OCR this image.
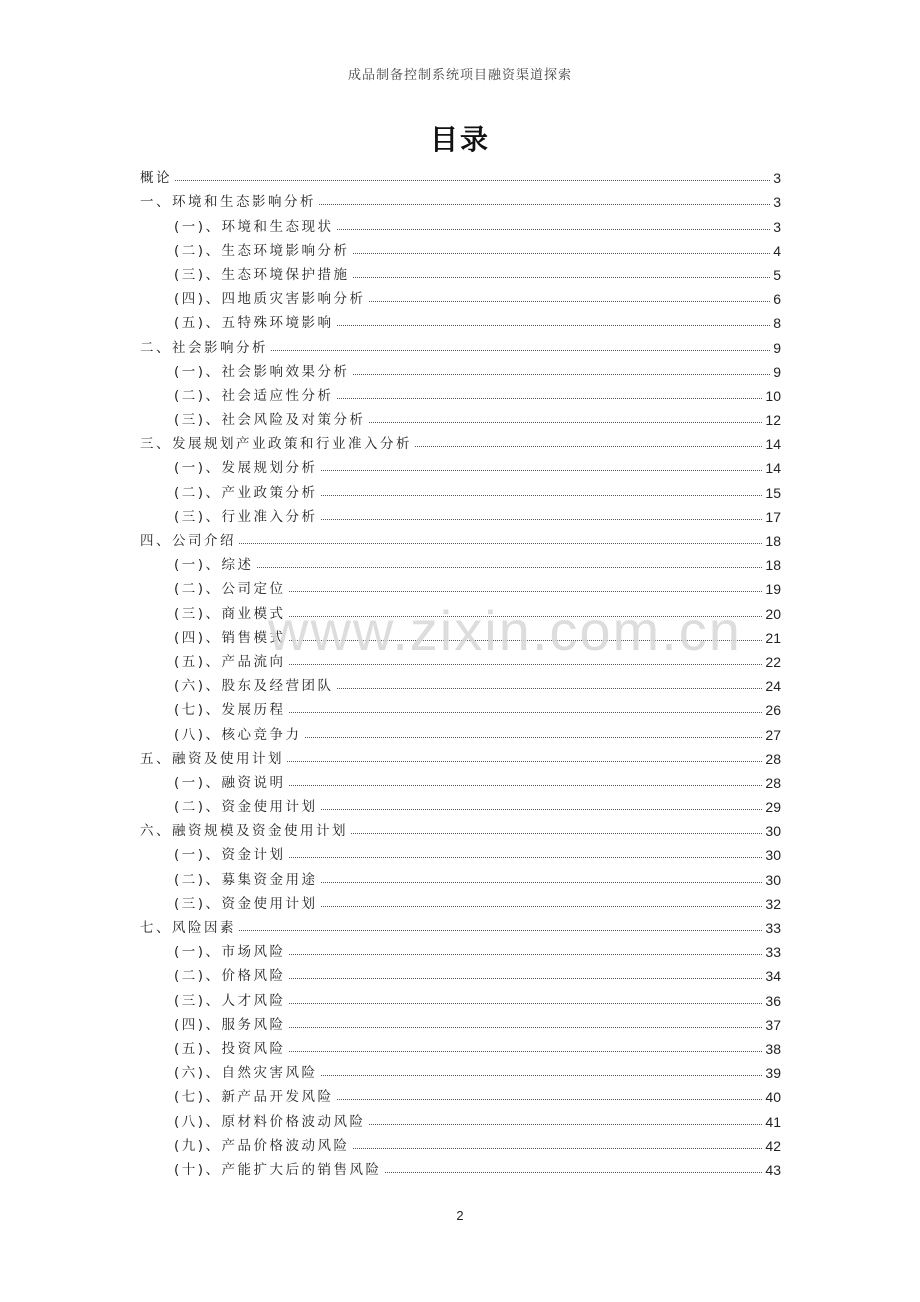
成品制备控制系统项目融资渠道探索
目录
概论	3
一、环境和生态影响分析	3
(一)、环境和生态现状	3
(二)、生态环境影响分析	4
(三)、生态环境保护措施	5
(四)、四地质灾害影响分析	6
(五)、五特殊环境影响	8
二、社会影响分析	9
(一)、社会影响效果分析	9
(二)、社会适应性分析	10
(三)、社会风险及对策分析	12
三、发展规划产业政策和行业准入分析	14
(一)、发展规划分析	14
(二)、产业政策分析	15
(三)、行业准入分析	17
四、公司介绍	18
(一)、综述	18
(二)、公司定位	19
(三)、商业模式	20
(四)、销售模式	21
(五)、产品流向	22
(六)、股东及经营团队	24
(七)、发展历程	26
(八)、核心竞争力	27
五、融资及使用计划	28
(一)、融资说明	28
(二)、资金使用计划	29
六、融资规模及资金使用计划	30
(一)、资金计划	30
(二)、募集资金用途	30
(三)、资金使用计划	32
七、风险因素	33
(一)、市场风险	33
(二)、价格风险	34
(三)、人才风险	36
(四)、服务风险	37
(五)、投资风险	38
(六)、自然灾害风险	39
(七)、新产品开发风险	40
(八)、原材料价格波动风险	41
(九)、产品价格波动风险	42
(十)、产能扩大后的销售风险	43
www.zixin.com.cn
2
